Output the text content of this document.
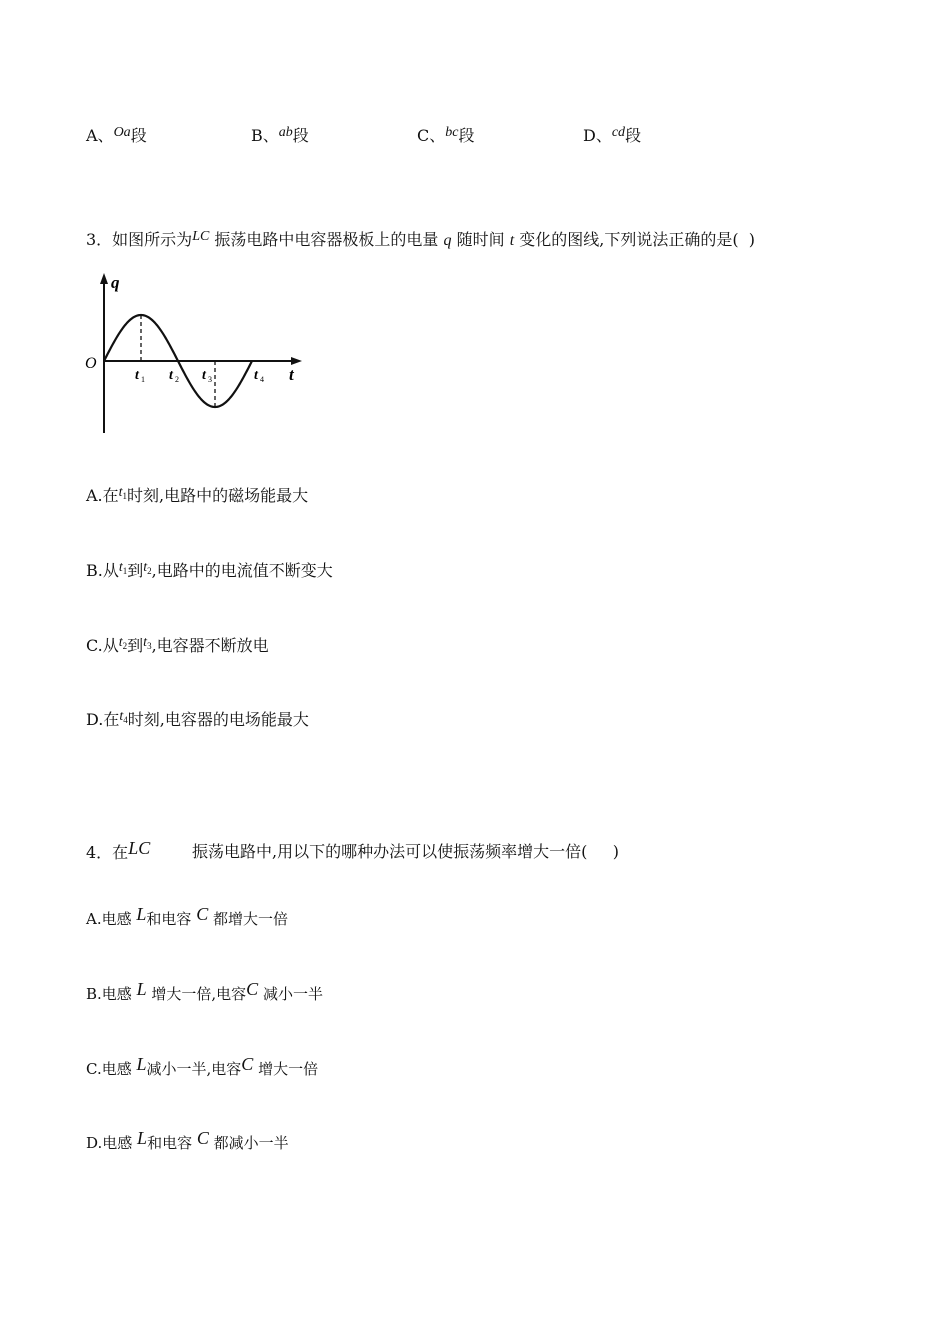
A、Oa段	B、ab段	C、bc段	D、cd段
3．如图所示为LC 振荡电路中电容器极板上的电量 q 随时间 t 变化的图线,下列说法正确的是(  )
q
O
t
t 1 t 2 t 3	t 4
A.在$t_1$时刻,电路中的磁场能最大
B.从$t_1$到$t_2$,电路中的电流值不断变大
C.从$t_2$到$t_3$,电容器不断放电
D.在$t_4$时刻,电容器的电场能最大
4．在LC	振荡电路中,用以下的哪种办法可以使振荡频率增大一倍(     )
A.电感 L和电容 C 都增大一倍
B.电感 L 增大一倍,电容C 减小一半
C.电感 L减小一半,电容C 增大一倍
D.电感 L和电容 C 都减小一半
